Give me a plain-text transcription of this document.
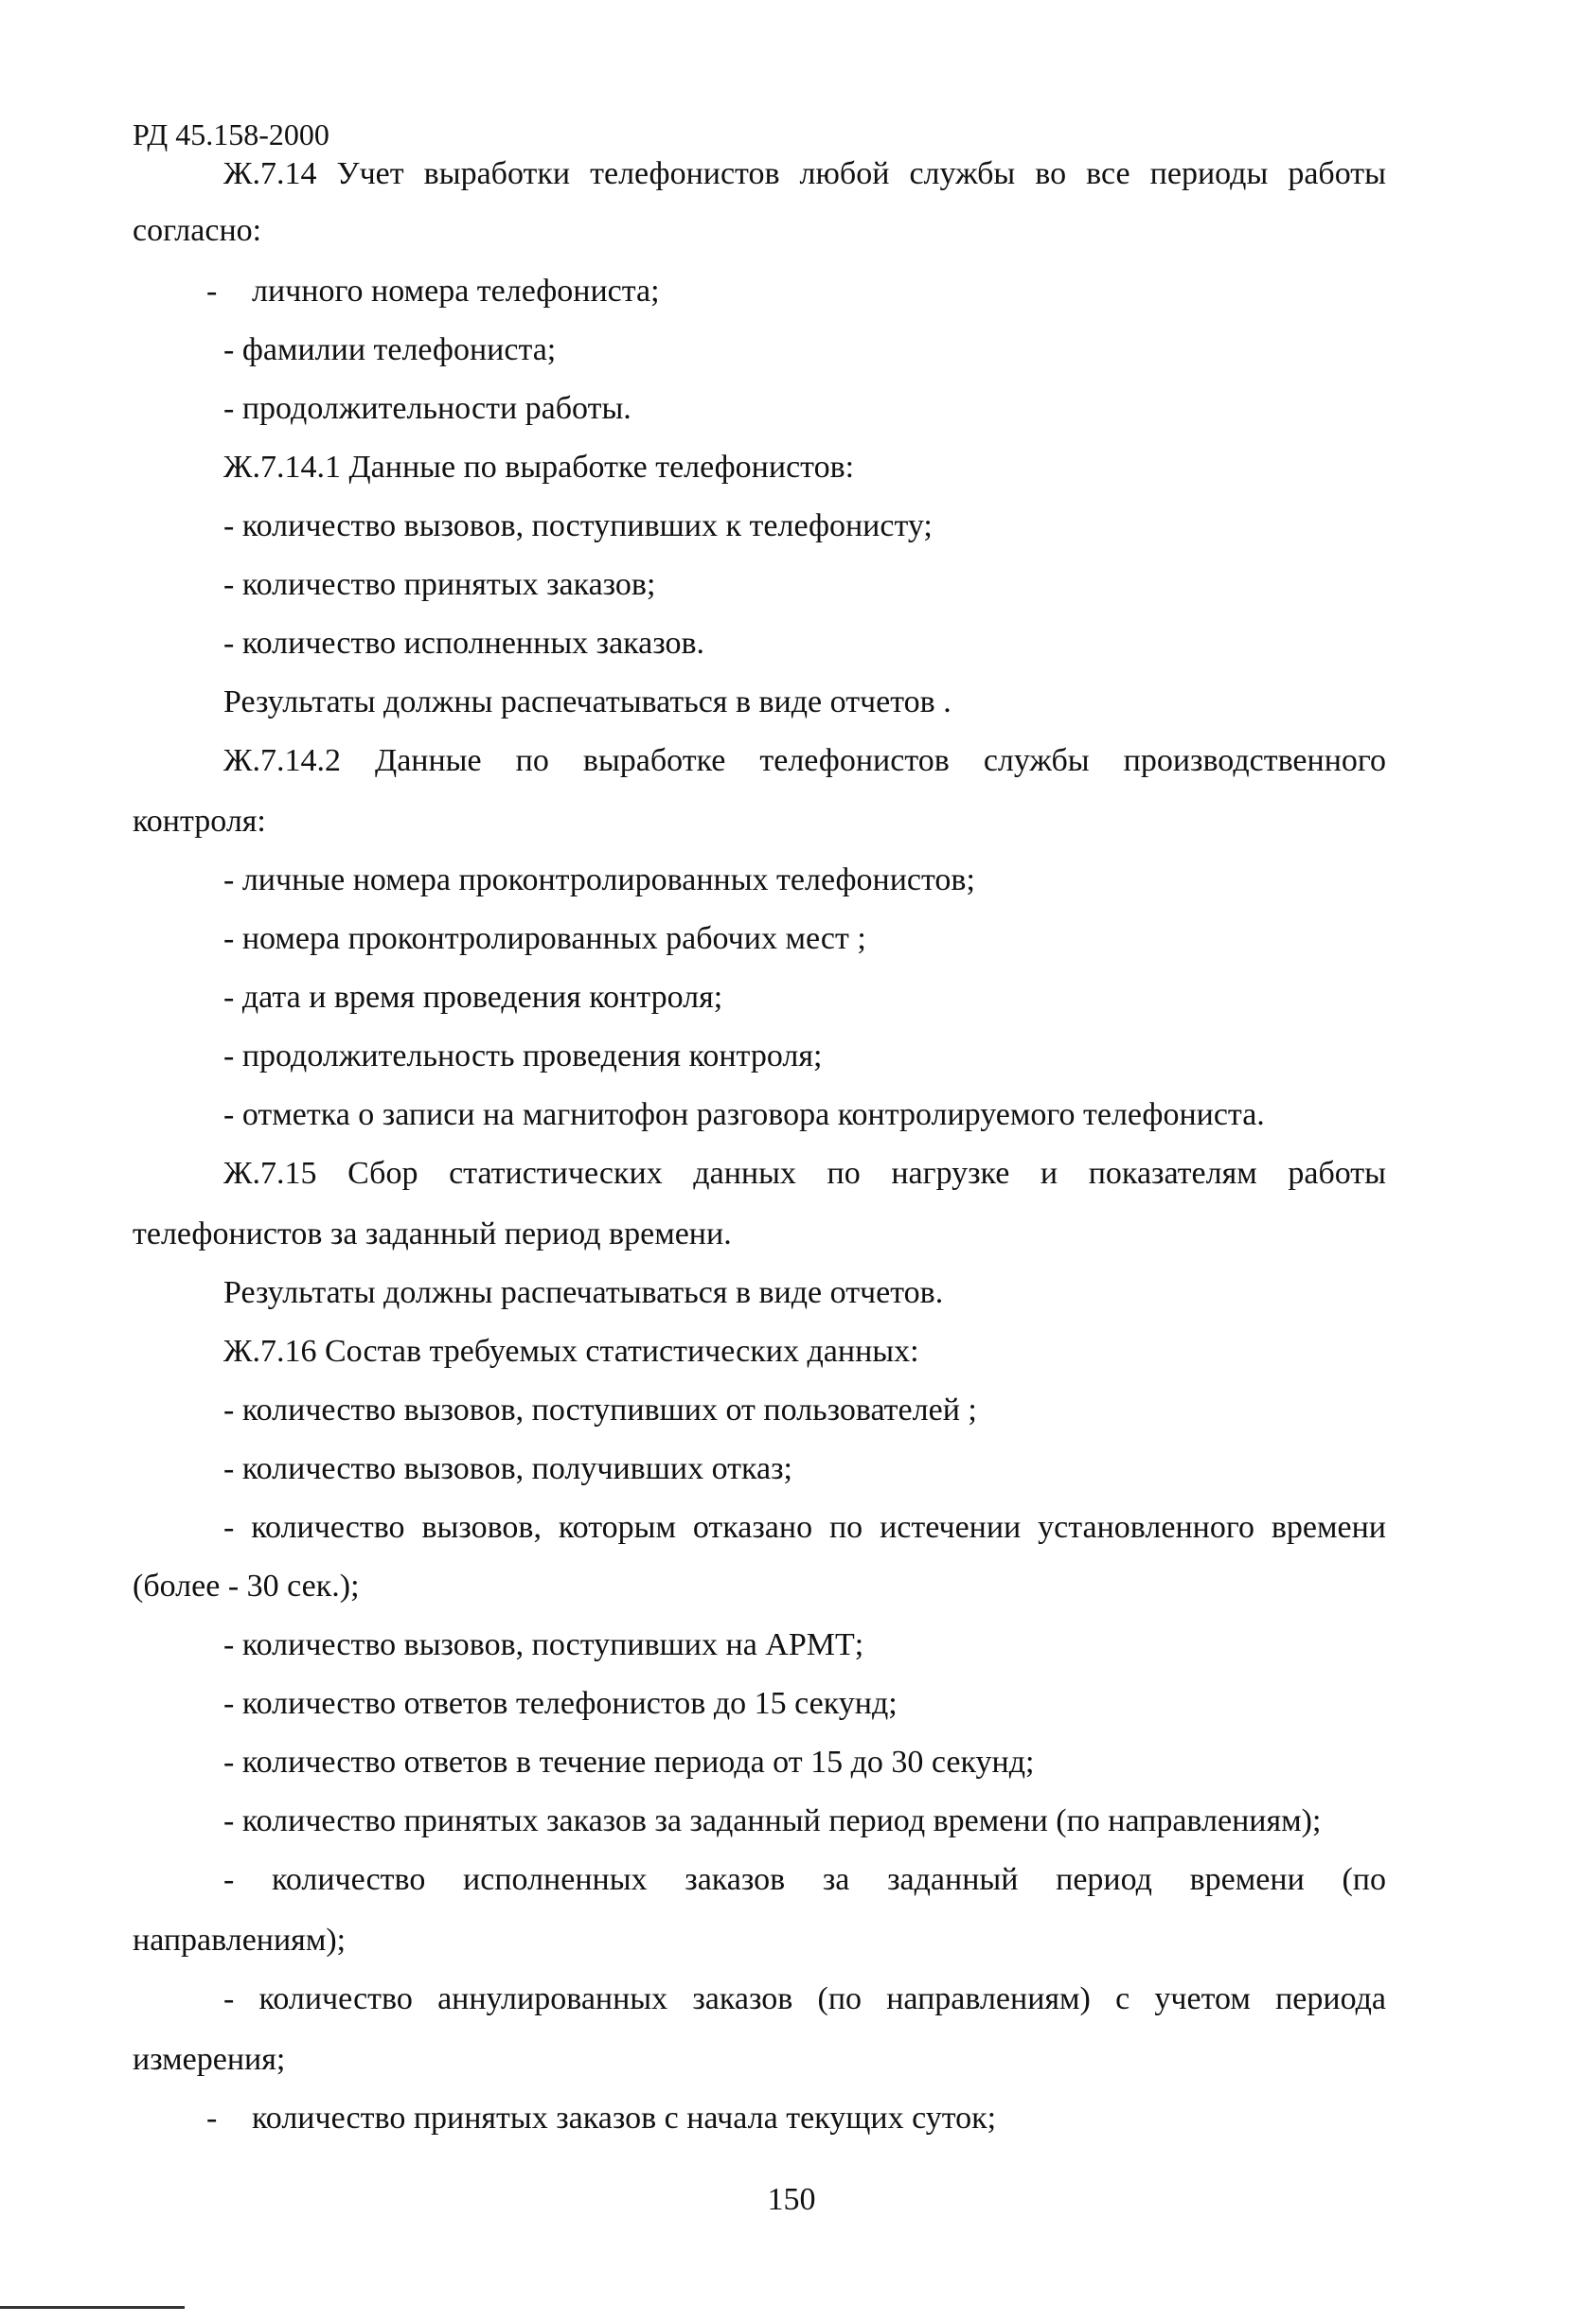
РД 45.158-2000
Ж.7.14 Учет выработки телефонистов любой службы во все периоды работы
согласно:
- личного номера телефониста;
- фамилии телефониста;
- продолжительности работы.
Ж.7.14.1 Данные по выработке телефонистов:
- количество вызовов, поступивших к телефонисту;
- количество принятых заказов;
- количество исполненных заказов.
Результаты должны распечатываться в виде отчетов .
Ж.7.14.2 Данные по выработке телефонистов службы производственного
контроля:
- личные номера проконтролированных телефонистов;
- номера проконтролированных рабочих мест ;
- дата и время проведения контроля;
- продолжительность проведения контроля;
- отметка о записи на магнитофон разговора контролируемого телефониста.
Ж.7.15 Сбор статистических данных по нагрузке и показателям работы
телефонистов за заданный период времени.
Результаты должны распечатываться в виде отчетов.
Ж.7.16 Состав требуемых статистических данных:
- количество вызовов, поступивших от пользователей ;
- количество вызовов, получивших отказ;
- количество вызовов, которым отказано по истечении установленного времени
(более - 30 сек.);
- количество вызовов, поступивших на АРМТ;
- количество ответов телефонистов до 15 секунд;
- количество ответов в течение периода от 15 до 30 секунд;
- количество принятых заказов за заданный период времени (по направлениям);
- количество исполненных заказов за заданный период времени (по
направлениям);
- количество аннулированных заказов (по направлениям) с учетом периода
измерения;
- количество принятых заказов с начала текущих суток;
150
